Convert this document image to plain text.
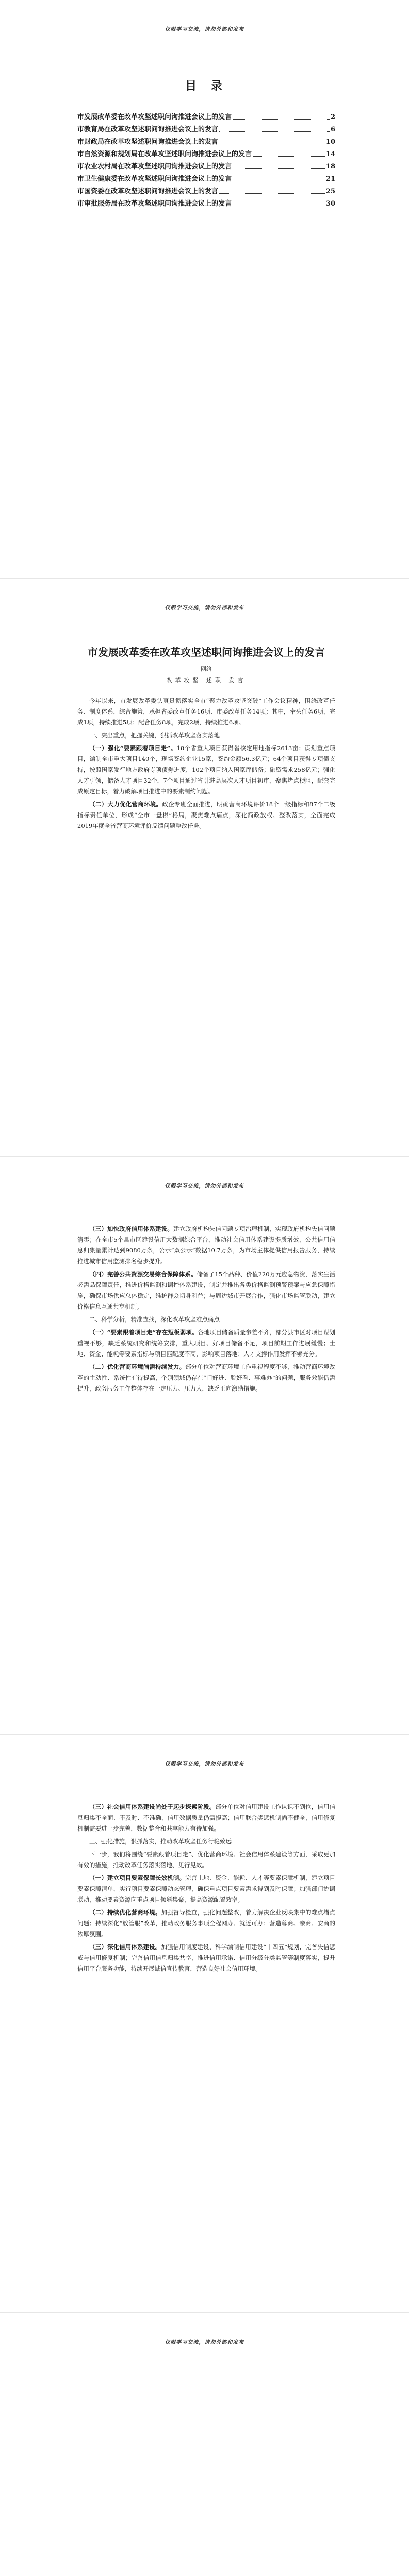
仅限学习交流，请勿外部和发布
目 录
市发展改革委在改革攻坚述职问询推进会议上的发言	2
市教育局在改革攻坚述职问询推进会议上的发言	6
市财政局在改革攻坚述职问询推进会议上的发言	10
市自然资源和规划局在改革攻坚述职问询推进会议上的发言	14
市农业农村局在改革攻坚述职问询推进会议上的发言	18
市卫生健康委在改革攻坚述职问询推进会议上的发言	21
市国资委在改革攻坚述职问询推进会议上的发言	25
市审批服务局在改革攻坚述职问询推进会议上的发言	30
仅限学习交流，请勿外部和发布
市发展改革委在改革攻坚述职问询推进会议上的发言
网络
改革攻坚 述职 发言

今年以来，市发展改革委认真贯彻落实全市“聚力改革攻坚突破”工作会议精神，围绕改革任务、制度体系，综合施策，承担省委改革任务16项、市委改革任务14项；其中，牵头任务6项，完成1项，持续推进5项；配合任务8项，完成2项，持续推进6项。

一、突出重点，把握关键，狠抓改革攻坚落实落地

（一）强化“要素跟着项目走”。18个省重大项目获得省核定用地指标2613亩；谋划重点项目，编制全市重大项目140个，现场签约企业15家，签约金额56.3亿元；64个项目获得专项债支持，按照国家发行地方政府专项债券进度，102个项目纳入国家库储备；融资需求258亿元；强化人才引领，储备人才项目32个，7个项目通过省引进高层次人才项目初审，聚焦堵点梗阻，配套完成原定目标，着力破解项目推进中的要素制约问题。

（二）大力优化营商环境。政企专班全面推进，明确营商环境评价18个一级指标和87个二级指标责任单位，形成“全市一盘棋”格局，聚焦难点痛点，深化简政放权、整改落实，全面完成2019年度全省营商环境评价反馈问题整改任务。

仅限学习交流，请勿外部和发布

（三）加快政府信用体系建设。建立政府机构失信问题专项治理机制，实现政府机构失信问题清零；在全市5个县市区建设信用大数据综合平台，推动社会信用体系建设提质增效，公共信用信息归集量累计达到9080万条，公示“双公示”数据10.7万条，为市场主体提供信用报告服务，持续推进城市信用监测排名稳步提升。

（四）完善公共资源交易综合保障体系。储备了15个品种、价值220万元应急物资，落实生活必需品保障责任，推进价格监测和调控体系建设，制定并推出各类价格监测预警预案与应急保障措施，确保市场供应总体稳定，维护群众切身利益；与周边城市开展合作，强化市场监管联动，建立价格信息互通共享机制。

二、科学分析，精准查找，深化改革攻坚难点痛点

（一）“要素跟着项目走”存在短板弱项。各地项目储备质量参差不齐，部分县市区对项目谋划重视不够，缺乏系统研究和统筹安排，重大项目、好项目储备不足，项目前期工作进展缓慢；土地、资金、能耗等要素指标与项目匹配度不高，影响项目落地；人才支撑作用发挥不够充分。

（二）优化营商环境尚需持续发力。部分单位对营商环境工作重视程度不够，推动营商环境改革的主动性、系统性有待提高，个别领域仍存在“门好进、脸好看、事难办”的问题，服务效能仍需提升，政务服务工作整体存在一定压力、压力大，缺乏正向激励措施。

仅限学习交流，请勿外部和发布

（三）社会信用体系建设尚处于起步探索阶段。部分单位对信用建设工作认识不到位，信用信息归集不全面、不及时、不准确，信用数据质量仍需提高；信用联合奖惩机制尚不健全，信用修复机制需要进一步完善，数据整合和共享能力有待加强。

三、强化措施，狠抓落实，推动改革攻坚任务行稳致远

下一步，我们将围绕“要素跟着项目走”、优化营商环境、社会信用体系建设等方面，采取更加有效的措施，推动改革任务落实落地、见行见效。

（一）建立项目要素保障长效机制。完善土地、资金、能耗、人才等要素保障机制，建立项目要素保障清单，实行项目要素保障动态管理，确保重点项目要素需求得到及时保障；加强部门协调联动，推动要素资源向重点项目倾斜集聚，提高资源配置效率。

（二）持续优化营商环境。加强督导检查，强化问题整改，着力解决企业反映集中的难点堵点问题；持续深化“放管服”改革，推动政务服务事项全程网办、就近可办；营造尊商、亲商、安商的浓厚氛围。

（三）深化信用体系建设。加强信用制度建设、科学编制信用建设“十四五”规划，完善失信惩戒与信用修复机制；完善信用信息归集共享，推进信用承诺、信用分级分类监管等制度落实，提升信用平台服务功能，持续开展诚信宣传教育，营造良好社会信用环境。

仅限学习交流，请勿外部和发布
